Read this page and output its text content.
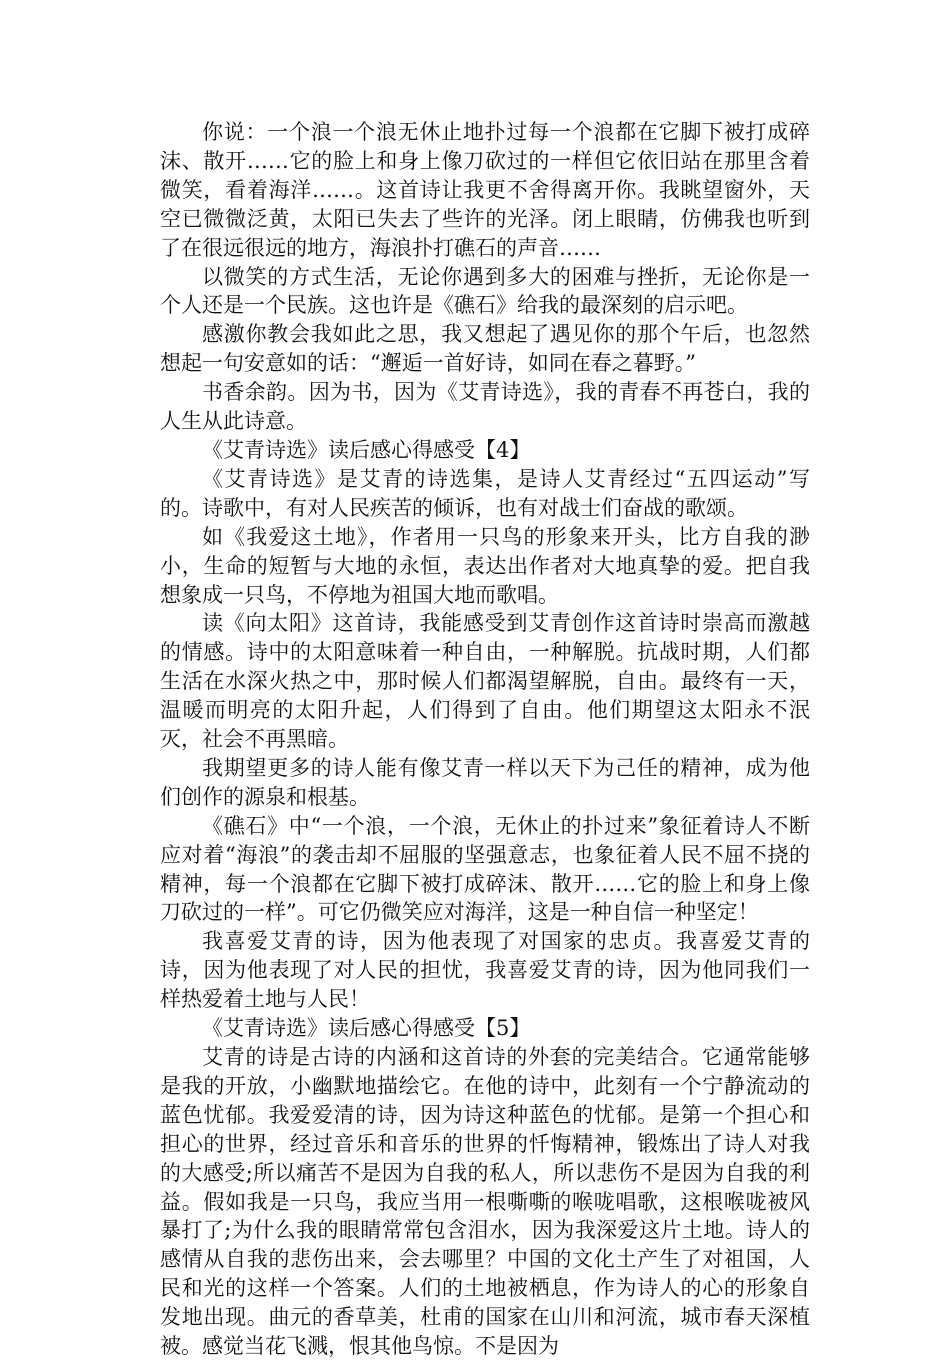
你说：一个浪一个浪无休止地扑过每一个浪都在它脚下被打成碎沫、散开……它的脸上和身上像刀砍过的一样但它依旧站在那里含着微笑，看着海洋……。这首诗让我更不舍得离开你。我眺望窗外，天空已微微泛黄，太阳已失去了些许的光泽。闭上眼睛，仿佛我也听到了在很远很远的地方，海浪扑打礁石的声音……

以微笑的方式生活，无论你遇到多大的困难与挫折，无论你是一个人还是一个民族。这也许是《礁石》给我的最深刻的启示吧。

感激你教会我如此之思，我又想起了遇见你的那个午后，也忽然想起一句安意如的话：“邂逅一首好诗，如同在春之暮野。”

书香余韵。因为书，因为《艾青诗选》，我的青春不再苍白，我的人生从此诗意。

《艾青诗选》读后感心得感受【4】

《艾青诗选》是艾青的诗选集，是诗人艾青经过“五四运动”写的。诗歌中，有对人民疾苦的倾诉，也有对战士们奋战的歌颂。

如《我爱这土地》，作者用一只鸟的形象来开头，比方自我的渺小，生命的短暂与大地的永恒，表达出作者对大地真挚的爱。把自我想象成一只鸟，不停地为祖国大地而歌唱。

读《向太阳》这首诗，我能感受到艾青创作这首诗时崇高而激越的情感。诗中的太阳意味着一种自由，一种解脱。抗战时期，人们都生活在水深火热之中，那时候人们都渴望解脱，自由。最终有一天，温暖而明亮的太阳升起，人们得到了自由。他们期望这太阳永不泯灭，社会不再黑暗。

我期望更多的诗人能有像艾青一样以天下为己任的精神，成为他们创作的源泉和根基。

《礁石》中“一个浪，一个浪，无休止的扑过来”象征着诗人不断应对着“海浪”的袭击却不屈服的坚强意志，也象征着人民不屈不挠的精神，每一个浪都在它脚下被打成碎沫、散开……它的脸上和身上像刀砍过的一样”。可它仍微笑应对海洋，这是一种自信一种坚定！

我喜爱艾青的诗，因为他表现了对国家的忠贞。我喜爱艾青的诗，因为他表现了对人民的担忧，我喜爱艾青的诗，因为他同我们一样热爱着土地与人民！

《艾青诗选》读后感心得感受【5】

艾青的诗是古诗的内涵和这首诗的外套的完美结合。它通常能够是我的开放，小幽默地描绘它。在他的诗中，此刻有一个宁静流动的蓝色忧郁。我爱爱清的诗，因为诗这种蓝色的忧郁。是第一个担心和担心的世界，经过音乐和音乐的世界的忏悔精神，锻炼出了诗人对我的大感受;所以痛苦不是因为自我的私人，所以悲伤不是因为自我的利益。假如我是一只鸟，我应当用一根嘶嘶的喉咙唱歌，这根喉咙被风暴打了;为什么我的眼睛常常包含泪水，因为我深爱这片土地。诗人的感情从自我的悲伤出来，会去哪里？中国的文化土产生了对祖国，人民和光的这样一个答案。人们的土地被栖息，作为诗人的心的形象自发地出现。曲元的香草美，杜甫的国家在山川和河流，城市春天深植被。感觉当花飞溅，恨其他鸟惊。不是因为
